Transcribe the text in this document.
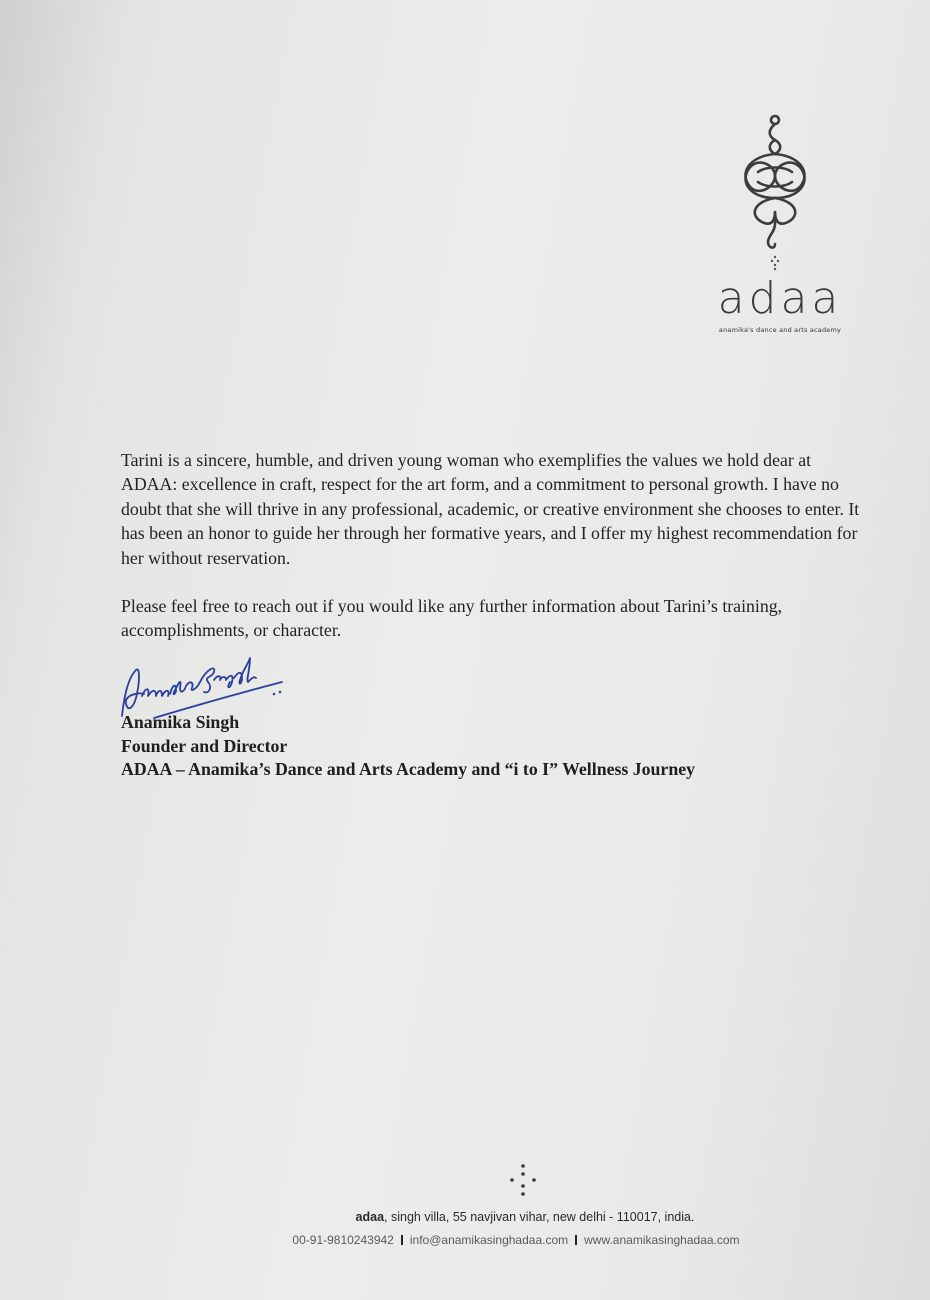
adaa
anamika's dance and arts academy

Tarini is a sincere, humble, and driven young woman who exemplifies the values we hold dear at ADAA: excellence in craft, respect for the art form, and a commitment to personal growth. I have no doubt that she will thrive in any professional, academic, or creative environment she chooses to enter. It has been an honor to guide her through her formative years, and I offer my highest recommendation for her without reservation.

Please feel free to reach out if you would like any further information about Tarini’s training, accomplishments, or character.

Anamika Singh
Founder and Director
ADAA – Anamika’s Dance and Arts Academy and “i to I” Wellness Journey
adaa, singh villa, 55 navjivan vihar, new delhi - 110017, india.
00-91-9810243942 info@anamikasinghadaa.com www.anamikasinghadaa.com
